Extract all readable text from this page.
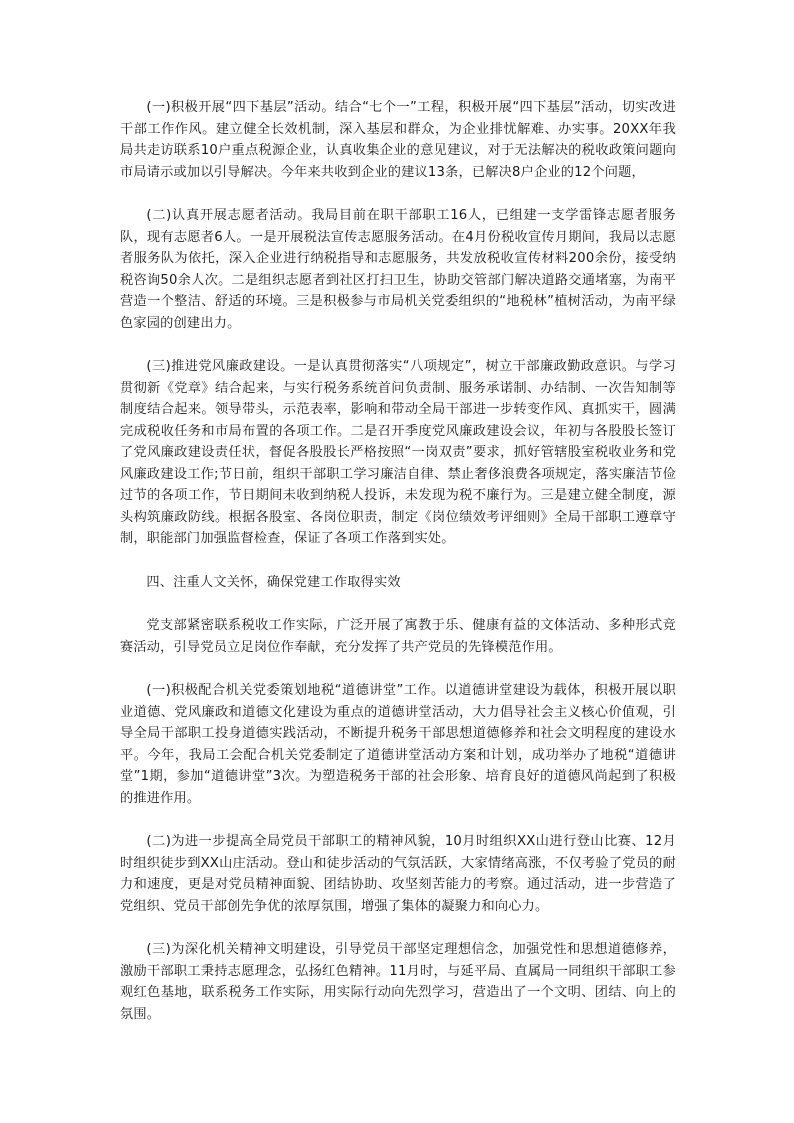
(一)积极开展“四下基层”活动。结合“七个一”工程，积极开展“四下基层”活动，切实改进干部工作作风。建立健全长效机制，深入基层和群众，为企业排忧解难、办实事。20XX年我局共走访联系10户重点税源企业，认真收集企业的意见建议，对于无法解决的税收政策问题向市局请示或加以引导解决。今年来共收到企业的建议13条，已解决8户企业的12个问题，

(二)认真开展志愿者活动。我局目前在职干部职工16人，已组建一支学雷锋志愿者服务队，现有志愿者6人。一是开展税法宣传志愿服务活动。在4月份税收宣传月期间，我局以志愿者服务队为依托，深入企业进行纳税指导和志愿服务，共发放税收宣传材料200余份，接受纳税咨询50余人次。二是组织志愿者到社区打扫卫生，协助交管部门解决道路交通堵塞，为南平营造一个整洁、舒适的环境。三是积极参与市局机关党委组织的“地税林”植树活动，为南平绿色家园的创建出力。

(三)推进党风廉政建设。一是认真贯彻落实“八项规定”，树立干部廉政勤政意识。与学习贯彻新《党章》结合起来，与实行税务系统首问负责制、服务承诺制、办结制、一次告知制等制度结合起来。领导带头，示范表率，影响和带动全局干部进一步转变作风、真抓实干，圆满完成税收任务和市局布置的各项工作。二是召开季度党风廉政建设会议，年初与各股股长签订了党风廉政建设责任状，督促各股股长严格按照“一岗双责”要求，抓好管辖股室税收业务和党风廉政建设工作;节日前，组织干部职工学习廉洁自律、禁止奢侈浪费各项规定，落实廉洁节俭过节的各项工作，节日期间未收到纳税人投诉，未发现为税不廉行为。三是建立健全制度，源头构筑廉政防线。根据各股室、各岗位职责，制定《岗位绩效考评细则》全局干部职工遵章守制，职能部门加强监督检查，保证了各项工作落到实处。

四、注重人文关怀，确保党建工作取得实效

党支部紧密联系税收工作实际，广泛开展了寓教于乐、健康有益的文体活动、多种形式竞赛活动，引导党员立足岗位作奉献，充分发挥了共产党员的先锋模范作用。

(一)积极配合机关党委策划地税“道德讲堂”工作。以道德讲堂建设为载体，积极开展以职业道德、党风廉政和道德文化建设为重点的道德讲堂活动，大力倡导社会主义核心价值观，引导全局干部职工投身道德实践活动，不断提升税务干部思想道德修养和社会文明程度的建设水平。今年，我局工会配合机关党委制定了道德讲堂活动方案和计划，成功举办了地税“道德讲堂”1期，参加“道德讲堂”3次。为塑造税务干部的社会形象、培育良好的道德风尚起到了积极的推进作用。

(二)为进一步提高全局党员干部职工的精神风貌，10月时组织XX山进行登山比赛、12月时组织徒步到XX山庄活动。登山和徒步活动的气氛活跃，大家情绪高涨，不仅考验了党员的耐力和速度，更是对党员精神面貌、团结协助、攻坚刻苦能力的考察。通过活动，进一步营造了党组织、党员干部创先争优的浓厚氛围，增强了集体的凝聚力和向心力。

(三)为深化机关精神文明建设，引导党员干部坚定理想信念，加强党性和思想道德修养，激励干部职工秉持志愿理念，弘扬红色精神。11月时，与延平局、直属局一同组织干部职工参观红色基地，联系税务工作实际，用实际行动向先烈学习，营造出了一个文明、团结、向上的氛围。
